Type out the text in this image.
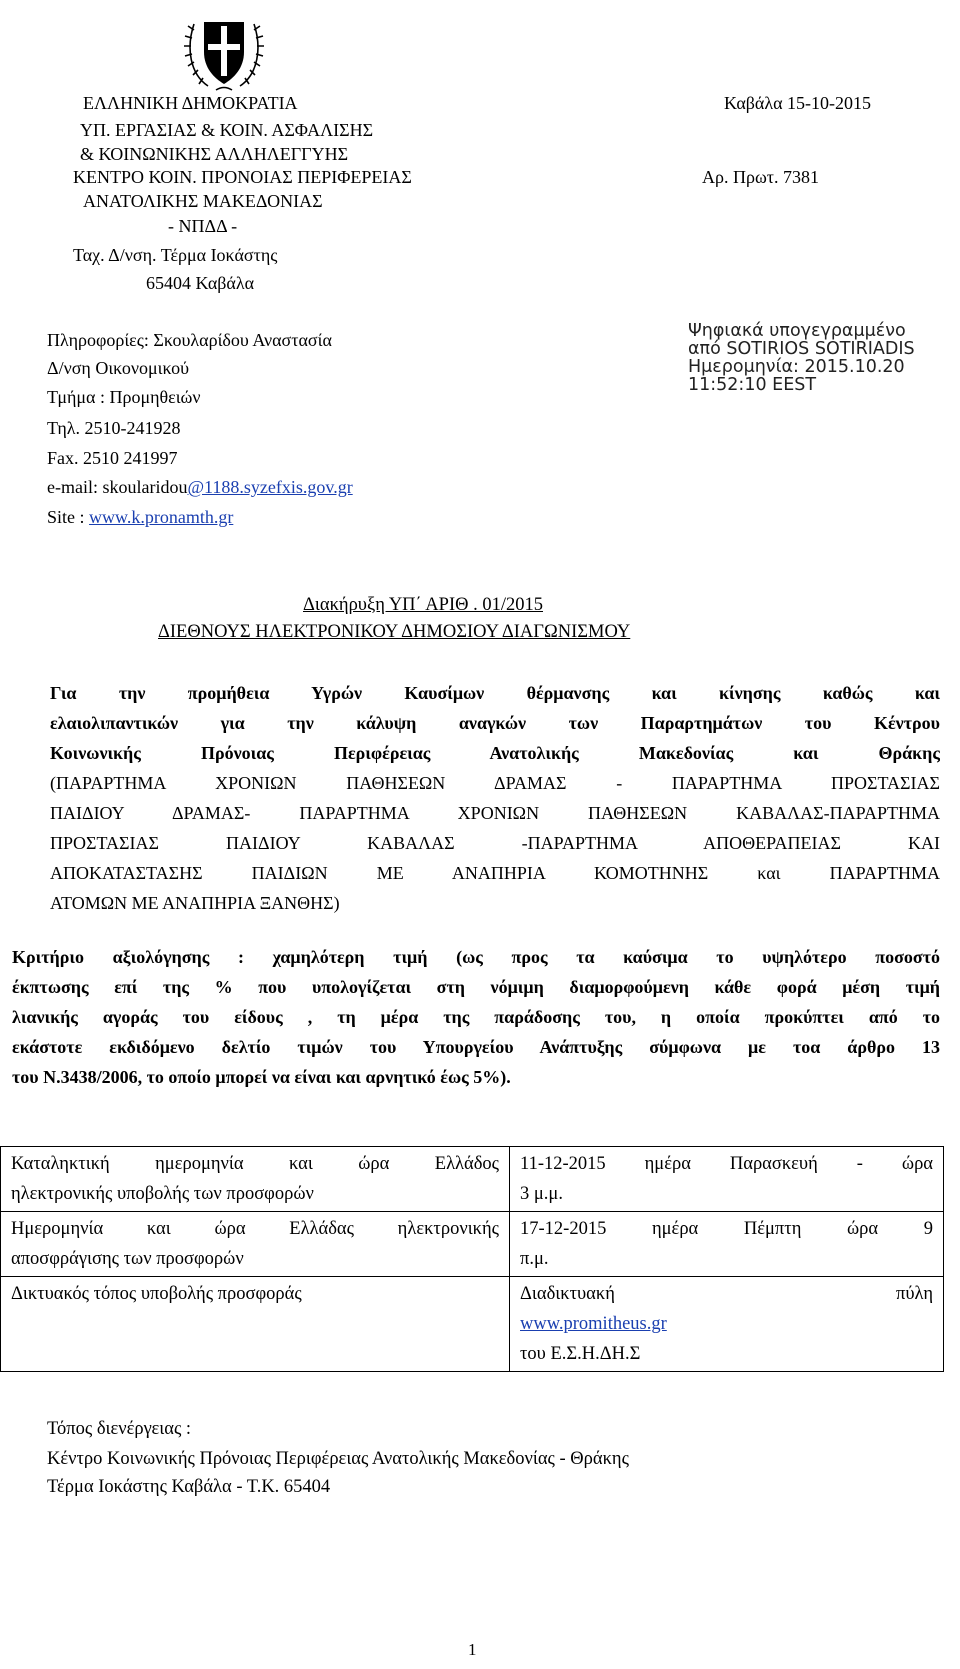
ΕΛΛΗΝΙΚΗ ΔΗΜΟΚΡΑΤΙΑ
ΥΠ. ΕΡΓΑΣΙΑΣ & ΚΟΙΝ. ΑΣΦΑΛΙΣΗΣ
& ΚΟΙΝΩΝΙΚΗΣ ΑΛΛΗΛΕΓΓΥΗΣ
ΚΕΝΤΡΟ ΚΟΙΝ. ΠΡΟΝΟΙΑΣ ΠΕΡΙΦΕΡΕΙΑΣ
ΑΝΑΤΟΛΙΚΗΣ ΜΑΚΕΔΟΝΙΑΣ
- ΝΠΔΔ -
Ταχ. Δ/νση. Τέρμα Ιοκάστης
65404 Καβάλα
Καβάλα 15-10-2015
Αρ. Πρωτ. 7381
Πληροφορίες: Σκουλαρίδου Αναστασία
Δ/νση Οικονομικού
Τμήμα : Προμηθειών
Τηλ. 2510-241928
Fax. 2510 241997
e-mail: skoularidou@1188.syzefxis.gov.gr
Site : www.k.pronamth.gr
Ψηφιακά υπογεγραμμένο
από SOTIRIOS SOTIRIADIS
Ημερομηνία: 2015.10.20
11:52:10 EEST
Διακήρυξη ΥΠ΄ ΑΡΙΘ . 01/2015
ΔΙΕΘΝΟΥΣ ΗΛΕΚΤΡΟΝΙΚΟΥ ΔΗΜΟΣΙΟΥ ΔΙΑΓΩΝΙΣΜΟΥ
Για την προμήθεια Υγρών Καυσίμων θέρμανσης και κίνησης καθώς και
ελαιολιπαντικών για την κάλυψη αναγκών των Παραρτημάτων του Κέντρου
Κοινωνικής Πρόνοιας Περιφέρειας Ανατολικής Μακεδονίας και Θράκης
(ΠΑΡΑΡΤΗΜΑ ΧΡΟΝΙΩΝ ΠΑΘΗΣΕΩΝ ΔΡΑΜΑΣ - ΠΑΡΑΡΤΗΜΑ ΠΡΟΣΤΑΣΙΑΣ
ΠΑΙΔΙΟΥ ΔΡΑΜΑΣ- ΠΑΡΑΡΤΗΜΑ ΧΡΟΝΙΩΝ ΠΑΘΗΣΕΩΝ ΚΑΒΑΛΑΣ-ΠΑΡΑΡΤΗΜΑ
ΠΡΟΣΤΑΣΙΑΣ ΠΑΙΔΙΟΥ ΚΑΒΑΛΑΣ -ΠΑΡΑΡΤΗΜΑ ΑΠΟΘΕΡΑΠΕΙΑΣ ΚΑΙ
ΑΠΟΚΑΤΑΣΤΑΣΗΣ ΠΑΙΔΙΩΝ ΜΕ ΑΝΑΠΗΡΙΑ ΚΟΜΟΤΗΝΗΣ και ΠΑΡΑΡΤΗΜΑ
ΑΤΟΜΩΝ ΜΕ ΑΝΑΠΗΡΙΑ ΞΑΝΘΗΣ)
Κριτήριο αξιολόγησης : χαμηλότερη τιμή (ως προς τα καύσιμα το υψηλότερο ποσοστό
έκπτωσης επί της % που υπολογίζεται στη νόμιμη διαμορφούμενη κάθε φορά μέση τιμή
λιανικής αγοράς του είδους , τη μέρα της παράδοσης του, η οποία προκύπτει από το
εκάστοτε εκδιδόμενο δελτίο τιμών του Υπουργείου Ανάπτυξης σύμφωνα με τοα άρθρο 13
του Ν.3438/2006, το οποίο μπορεί να είναι και αρνητικό έως 5%).
Καταληκτική ημερομηνία και ώρα Ελλάδος
ηλεκτρονικής υποβολής των προσφορών	11-12-2015 ημέρα Παρασκευή - ώρα
3 μ.μ.

Ημερομηνία και ώρα Ελλάδας ηλεκτρονικής
αποσφράγισης των προσφορών	17-12-2015 ημέρα Πέμπτη ώρα 9
π.μ.

Δικτυακός τόπος υποβολής προσφοράς	Διαδικτυακή πύλη
www.promitheus.gr
του Ε.Σ.Η.ΔΗ.Σ
Τόπος διενέργειας :
Κέντρο Κοινωνικής Πρόνοιας Περιφέρειας Ανατολικής Μακεδονίας - Θράκης
Τέρμα Ιοκάστης Καβάλα - Τ.Κ. 65404
1
